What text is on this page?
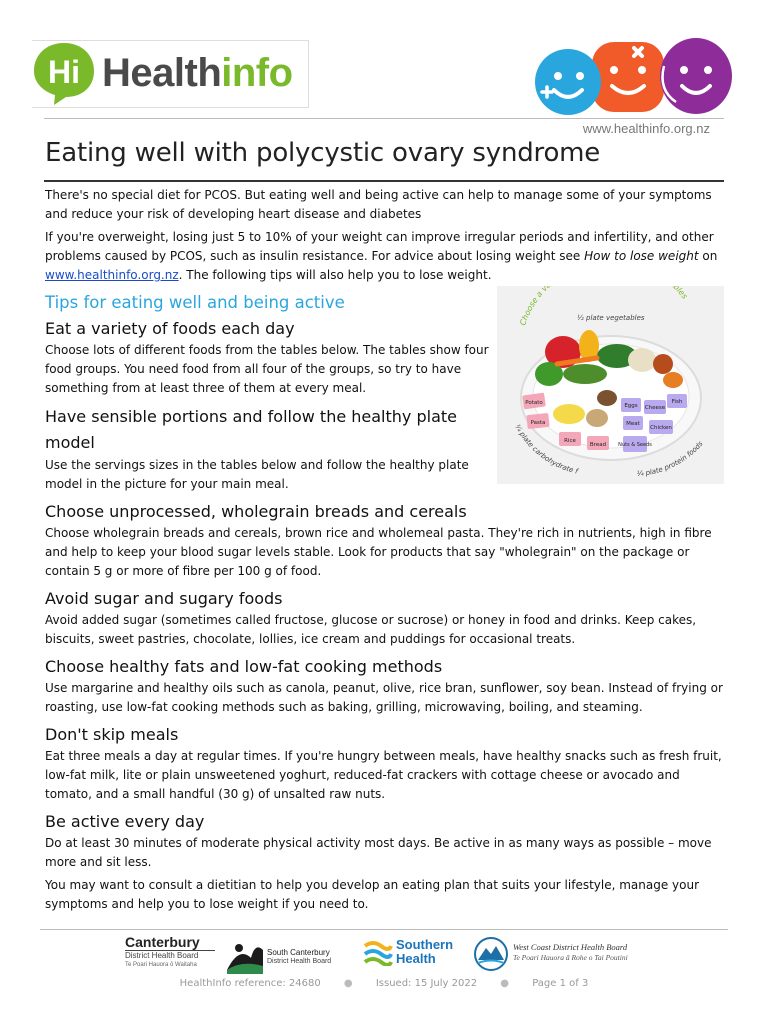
Hi Healthinfo
www.healthinfo.org.nz
Eating well with polycystic ovary syndrome

There's no special diet for PCOS. But eating well and being active can help to manage some of your symptoms and reduce your risk of developing heart disease and diabetes

If you're overweight, losing just 5 to 10% of your weight can improve irregular periods and infertility, and other problems caused by PCOS, such as insulin resistance. For advice about losing weight see How to lose weight on www.healthinfo.org.nz. The following tips will also help you to lose weight.

Tips for eating well and being active
Eat a variety of foods each day

Choose lots of different foods from the tables below. The tables show four food groups. You need food from all four of the groups, so try to have something from at least three of them at every meal.

Have sensible portions and follow the healthy plate model

Use the servings sizes in the tables below and follow the healthy plate model in the picture for your main meal.

Choose unprocessed, wholegrain breads and cereals

Choose wholegrain breads and cereals, brown rice and wholemeal pasta. They're rich in nutrients, high in fibre and help to keep your blood sugar levels stable. Look for products that say "wholegrain" on the package or contain 5 g or more of fibre per 100 g of food.

Avoid sugar and sugary foods

Avoid added sugar (sometimes called fructose, glucose or sucrose) or honey in food and drinks. Keep cakes, biscuits, sweet pastries, chocolate, lollies, ice cream and puddings for occasional treats.

Choose healthy fats and low-fat cooking methods

Use margarine and healthy oils such as canola, peanut, olive, rice bran, sunflower, soy bean. Instead of frying or roasting, use low-fat cooking methods such as baking, grilling, microwaving, boiling, and steaming.

Don't skip meals

Eat three meals a day at regular times. If you're hungry between meals, have healthy snacks such as fresh fruit, low-fat milk, lite or plain unsweetened yoghurt, reduced-fat crackers with cottage cheese or avocado and tomato, and a small handful (30 g) of unsalted raw nuts.

Be active every day

Do at least 30 minutes of moderate physical activity most days. Be active in as many ways as possible – move more and sit less.

You may want to consult a dietitian to help you develop an eating plan that suits your lifestyle, manage your symptoms and help you to lose weight if you need to.

Choose a v bles
½ plate vegetables
¼ plate carbohydrate f	¼ plate protein foods
Potato
Pasta
Rice
Bread
Eggs
Fish
Cheese
Meat
Chicken
Nuts & Seeds
Canterbury
District Health Board
Te Poari Hauora ō Waitaha
South Canterbury
District Health Board
Southern
Health
West Coast District Health Board
Te Poari Hauora ā Rohe o Tai Poutini
HealthInfo reference: 24680 ● Issued: 15 July 2022 ● Page 1 of 3
